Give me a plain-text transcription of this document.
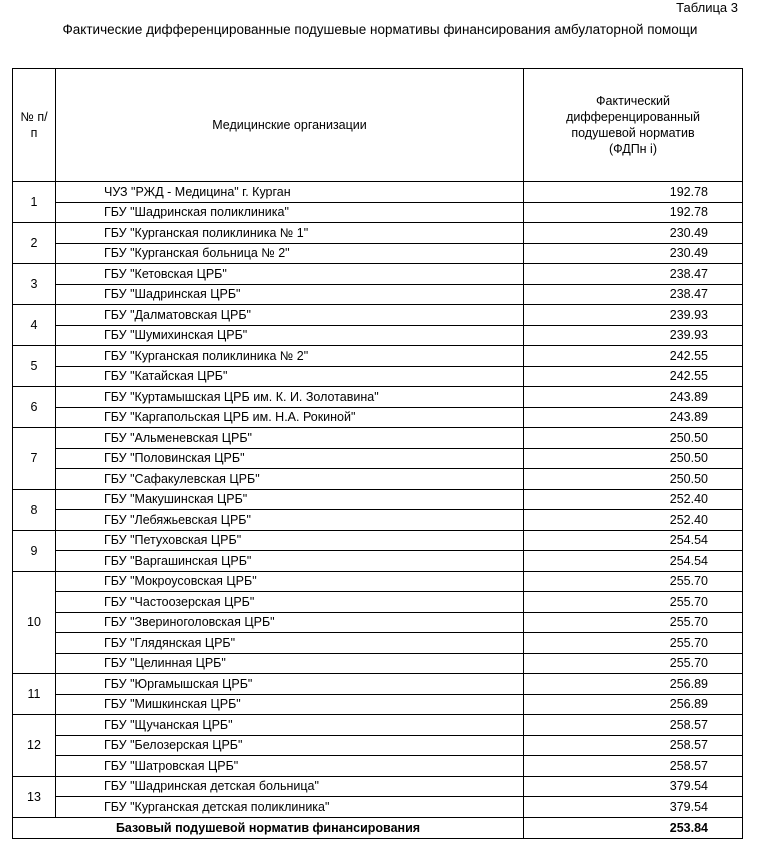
Таблица 3
Фактические дифференцированные подушевые нормативы финансирования амбулаторной помощи
№ п/п	Медицинские организации	Фактический дифференцированный подушевой норматив
(ФДПн i)
1	ЧУЗ "РЖД - Медицина" г. Курган	192.78
	ГБУ "Шадринская поликлиника"	192.78
2	ГБУ "Курганская поликлиника № 1"	230.49
	ГБУ "Курганская больница № 2"	230.49
3	ГБУ "Кетовская ЦРБ"	238.47
	ГБУ "Шадринская ЦРБ"	238.47
4	ГБУ "Далматовская ЦРБ"	239.93
	ГБУ "Шумихинская ЦРБ"	239.93
5	ГБУ "Курганская поликлиника № 2"	242.55
	ГБУ "Катайская ЦРБ"	242.55
6	ГБУ "Куртамышская ЦРБ им. К. И. Золотавина"	243.89
	ГБУ "Каргапольская ЦРБ им. Н.А. Рокиной"	243.89
7	ГБУ "Альменевская ЦРБ"	250.50
	ГБУ "Половинская ЦРБ"	250.50
	ГБУ "Сафакулевская ЦРБ"	250.50
8	ГБУ "Макушинская ЦРБ"	252.40
	ГБУ "Лебяжьевская ЦРБ"	252.40
9	ГБУ "Петуховская ЦРБ"	254.54
	ГБУ "Варгашинская ЦРБ"	254.54
10	ГБУ "Мокроусовская ЦРБ"	255.70
	ГБУ "Частоозерская ЦРБ"	255.70
	ГБУ "Звериноголовская ЦРБ"	255.70
	ГБУ "Глядянская ЦРБ"	255.70
	ГБУ "Целинная ЦРБ"	255.70
11	ГБУ "Юргамышская ЦРБ"	256.89
	ГБУ "Мишкинская ЦРБ"	256.89
12	ГБУ "Щучанская ЦРБ"	258.57
	ГБУ "Белозерская ЦРБ"	258.57
	ГБУ "Шатровская ЦРБ"	258.57
13	ГБУ "Шадринская детская больница"	379.54
	ГБУ "Курганская детская поликлиника"	379.54
Базовый подушевой норматив финансирования		253.84
